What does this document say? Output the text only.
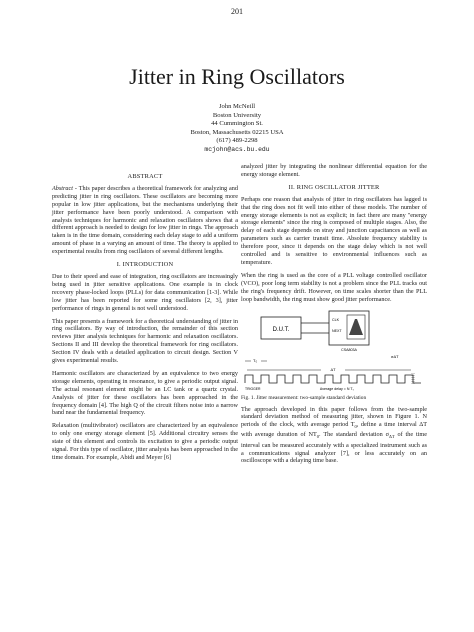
201
Jitter in Ring Oscillators
John McNeill
Boston University
44 Cummington St.
Boston, Massachusetts 02215 USA
(617) 489-2298
mcjohn@acs.bu.edu
ABSTRACT

Abstract - This paper describes a theoretical framework for analyzing and predicting jitter in ring oscillators. These oscillators are becoming more popular in low jitter applications, but the mechanisms underlying their jitter performance have been poorly understood. A comparison with analysis techniques for harmonic and relaxation oscillators shows that a different approach is needed to design for low jitter in rings. The approach taken is in the time domain, considering each delay stage to add a uniform amount of phase in a varying an amount of time. The theory is applied to experimental results from ring oscillators of several different lengths.

I. INTRODUCTION

Due to their speed and ease of integration, ring oscillators are increasingly being used in jitter sensitive applications. One example is in clock recovery phase-locked loops (PLLs) for data communication [1-3]. While low jitter has been reported for some ring oscillators [2, 3], jitter performance of rings in general is not well understood.

This paper presents a framework for a theoretical understanding of jitter in ring oscillators. By way of introduction, the remainder of this section reviews jitter analysis techniques for harmonic and relaxation oscillators. Sections II and III develop the theoretical framework for ring oscillators. Section IV deals with a detailed application to circuit design. Section V gives experimental results.

Harmonic oscillators are characterized by an equivalence to two energy storage elements, operating in resonance, to give a periodic output signal. The actual resonant element might be an LC tank or a quartz crystal. Analysis of jitter for these oscillators has been approached in the frequency domain [4]. The high Q of the circuit filters noise into a narrow band near the fundamental frequency.

Relaxation (multivibrator) oscillators are characterized by an equivalence to only one energy storage element [5]. Additional circuitry senses the state of this element and controls its excitation to give a periodic output signal. For this type of oscillator, jitter analysis has been approached in the time domain. For example, Abidi and Meyer [6]

analyzed jitter by integrating the nonlinear differential equation for the energy storage element.

II. RING OSCILLATOR JITTER

Perhaps one reason that analysis of jitter in ring oscillators has lagged is that the ring does not fit well into either of these models. The number of energy storage elements is not as explicit; in fact there are many "energy storage elements" since the ring is composed of multiple stages. Also, the delay of each stage depends on stray and junction capacitances as well as parameters such as carrier transit time. Absolute frequency stability is therefore poor, since it depends on the stage delay which is not well controlled and is sensitive to environmental influences such as temperature.

When the ring is used as the core of a PLL voltage controlled oscillator (VCO), poor long term stability is not a problem since the PLL tracks out the ring's frequency drift. However, on time scales shorter than the PLL loop bandwidth, the ring must show good jitter performance.

D.U.T.
CLK
NEXT
CSA803A
T₀
σΔT
ΔT
TRIGGER	Average delay = N T₀
Fig. 1. Jitter measurement: two-sample standard deviation

The approach developed in this paper follows from the two-sample standard deviation method of measuring jitter, shown in Figure 1. N periods of the clock, with average period $T_0$, define a time interval ΔT with average duration of $NT_0$. The standard deviation $\sigma_{\Delta T}$ of the time interval can be measured accurately with a specialized instrument such as a communications signal analyzer [7], or less accurately on an oscilloscope with a delaying time base.
